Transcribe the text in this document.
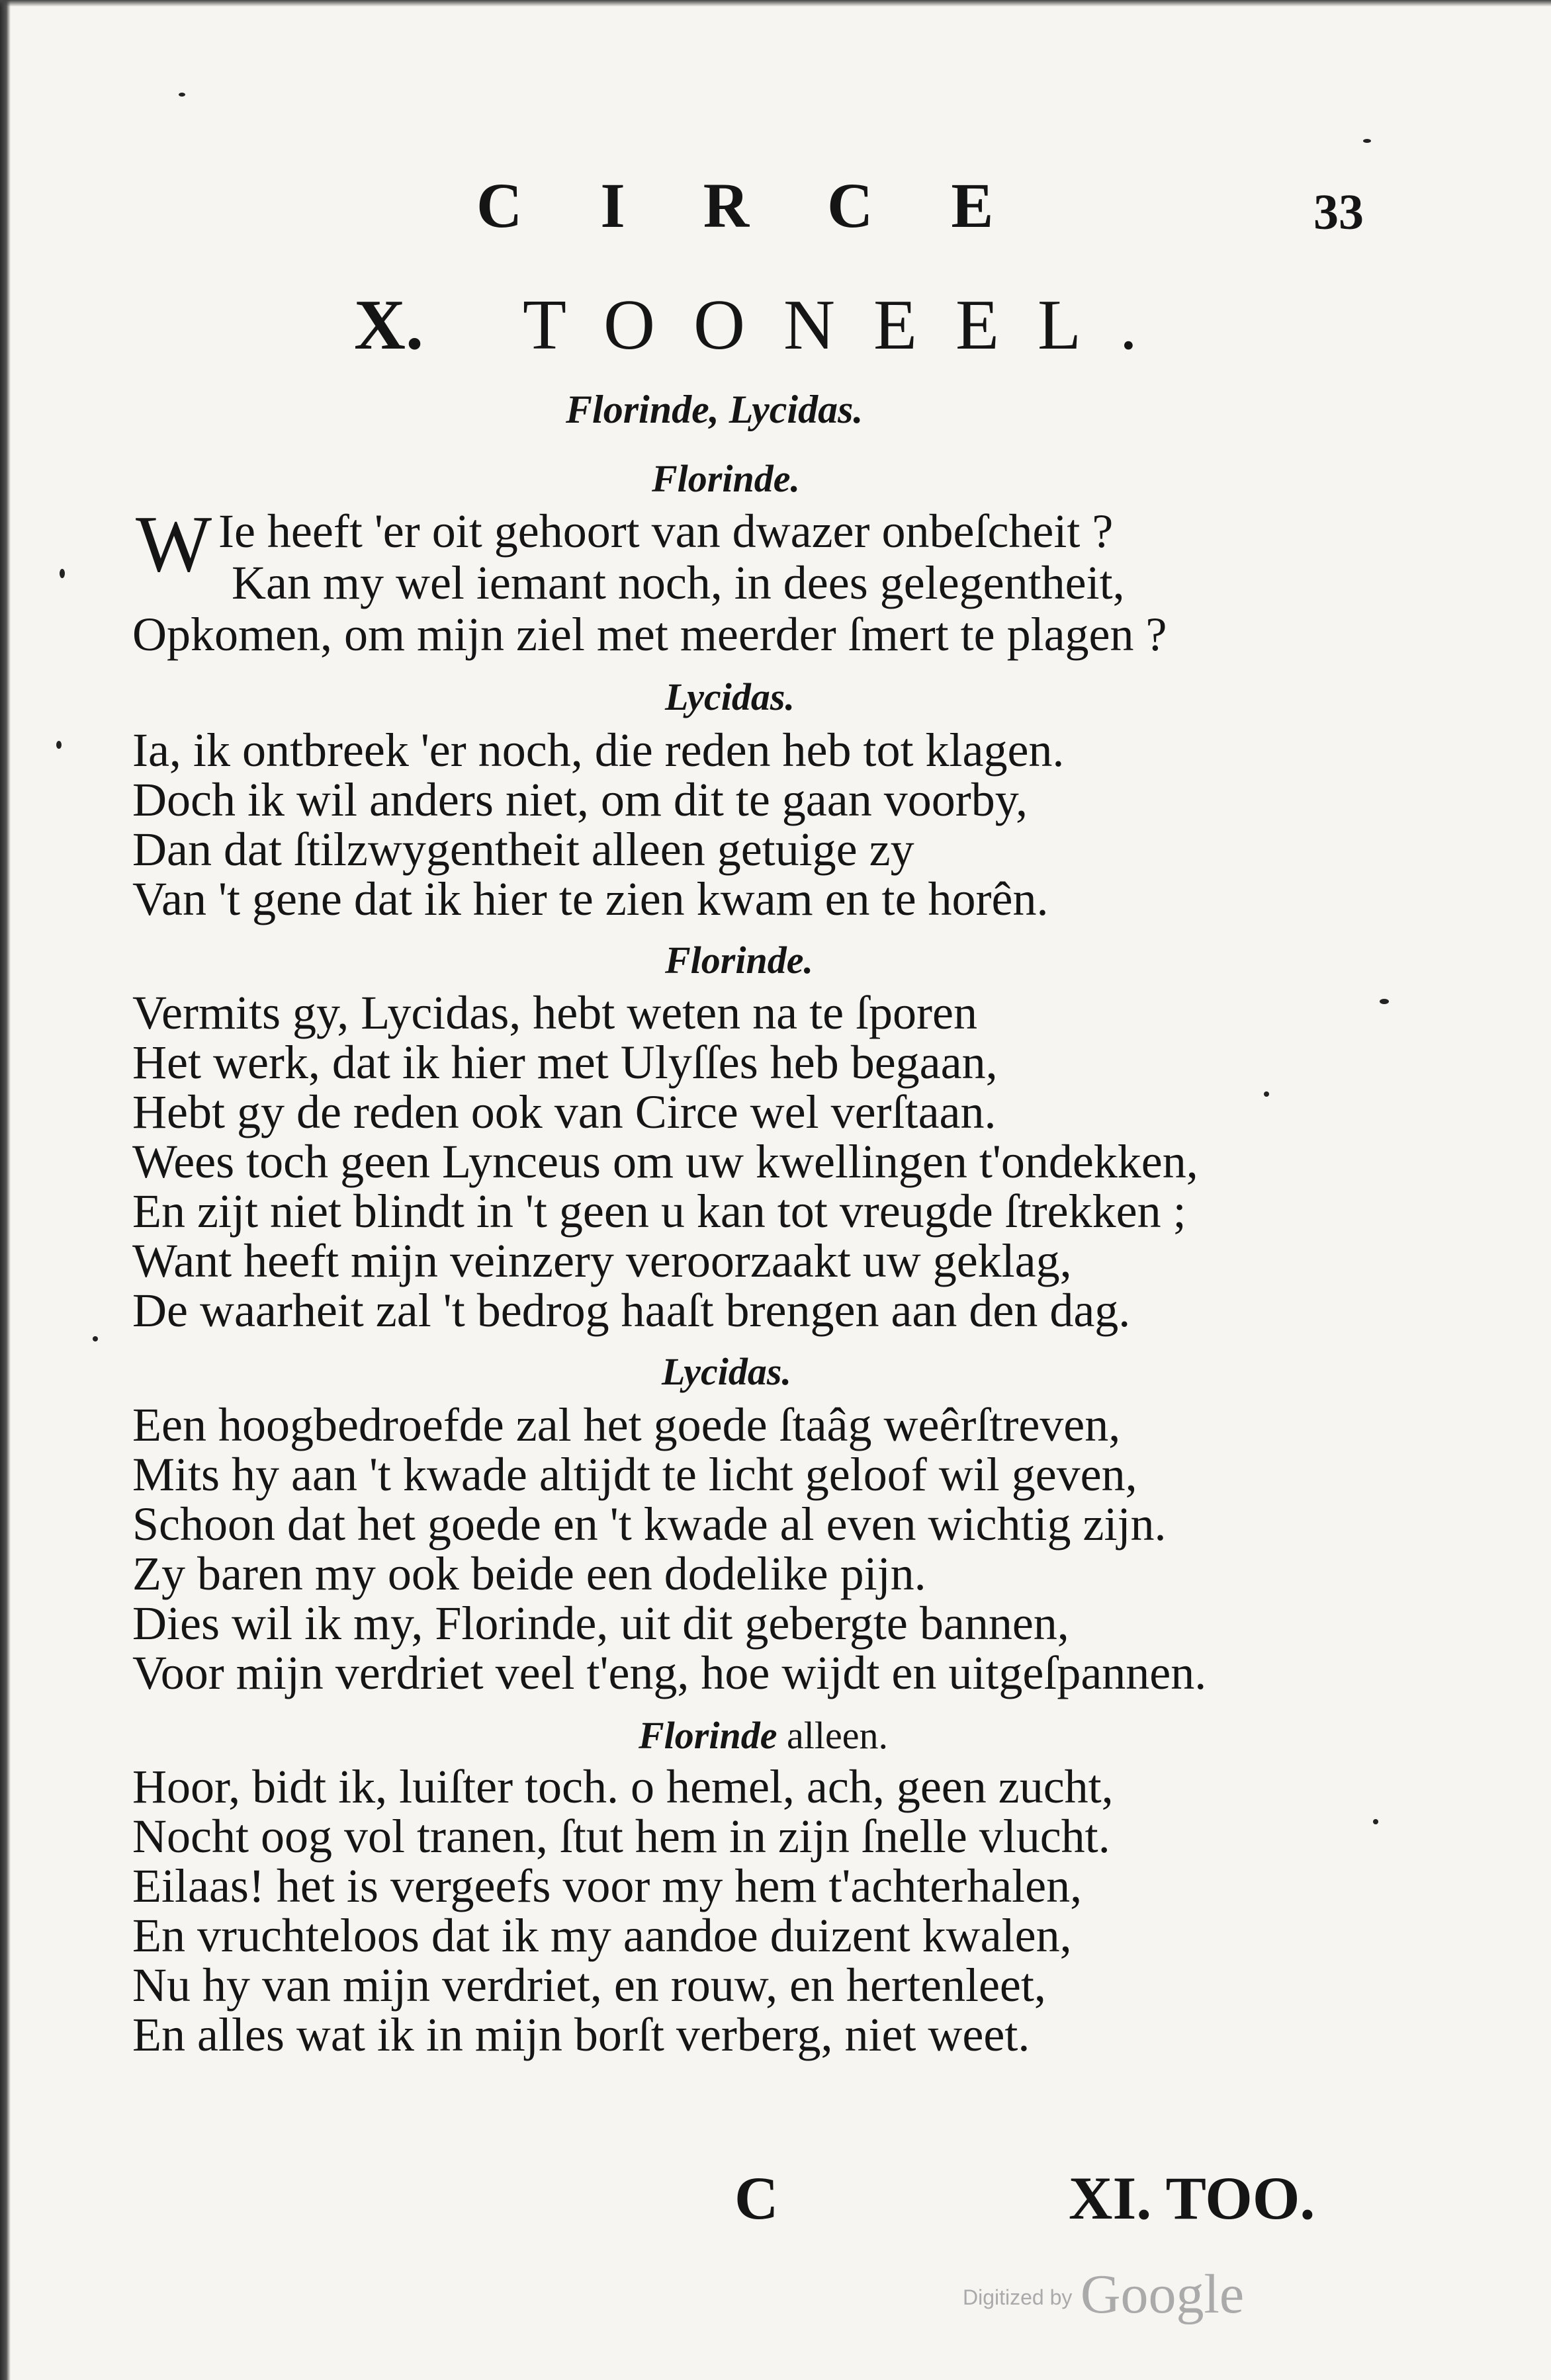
CIRCE	33
X. TOONEEL.
Florinde, Lycidas.
Florinde.
W Ie heeft 'er oit gehoort van dwazer onbeſcheit ?
Kan my wel iemant noch, in dees gelegentheit,
Opkomen, om mijn ziel met meerder ſmert te plagen ?
Lycidas.
Ia, ik ontbreek 'er noch, die reden heb tot klagen.
Doch ik wil anders niet, om dit te gaan voorby,
Dan dat ſtilzwygentheit alleen getuige zy
Van 't gene dat ik hier te zien kwam en te horên.
Florinde.
Vermits gy, Lycidas, hebt weten na te ſporen
Het werk, dat ik hier met Ulyſſes heb begaan,
Hebt gy de reden ook van Circe wel verſtaan.
Wees toch geen Lynceus om uw kwellingen t'ondekken,
En zijt niet blindt in 't geen u kan tot vreugde ſtrekken ;
Want heeft mijn veinzery veroorzaakt uw geklag,
De waarheit zal 't bedrog haaſt brengen aan den dag.
Lycidas.
Een hoogbedroefde zal het goede ſtaâg weêrſtreven,
Mits hy aan 't kwade altijdt te licht geloof wil geven,
Schoon dat het goede en 't kwade al even wichtig zijn.
Zy baren my ook beide een dodelike pijn.
Dies wil ik my, Florinde, uit dit gebergte bannen,
Voor mijn verdriet veel t'eng, hoe wijdt en uitgeſpannen.
Florinde alleen.
Hoor, bidt ik, luiſter toch. o hemel, ach, geen zucht,
Nocht oog vol tranen, ſtut hem in zijn ſnelle vlucht.
Eilaas! het is vergeefs voor my hem t'achterhalen,
En vruchteloos dat ik my aandoe duizent kwalen,
Nu hy van mijn verdriet, en rouw, en hertenleet,
En alles wat ik in mijn borſt verberg, niet weet.
C	XI. TOO.
Digitized by Google
